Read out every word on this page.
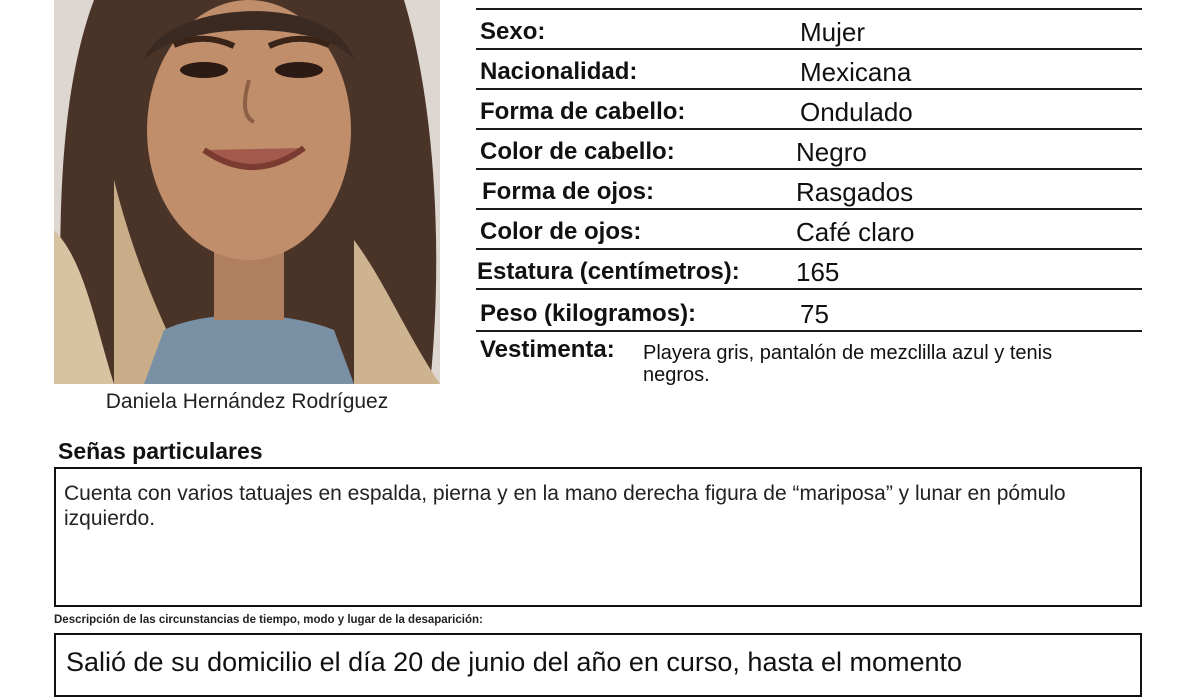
Daniela Hernández Rodríguez
Sexo:	Mujer
Nacionalidad:	Mexicana
Forma de cabello:	Ondulado
Color de cabello:	Negro
Forma de ojos:	Rasgados
Color de ojos:	Café claro
Estatura (centímetros): 165
Peso (kilogramos):	75
Vestimenta: Playera gris, pantalón de mezclilla azul y tenis negros.
Señas particulares
Cuenta con varios tatuajes en espalda, pierna y en la mano derecha figura de “mariposa” y lunar en pómulo izquierdo.
Descripción de las circunstancias de tiempo, modo y lugar de la desaparición:
Salió de su domicilio el día 20 de junio del año en curso, hasta el momento
